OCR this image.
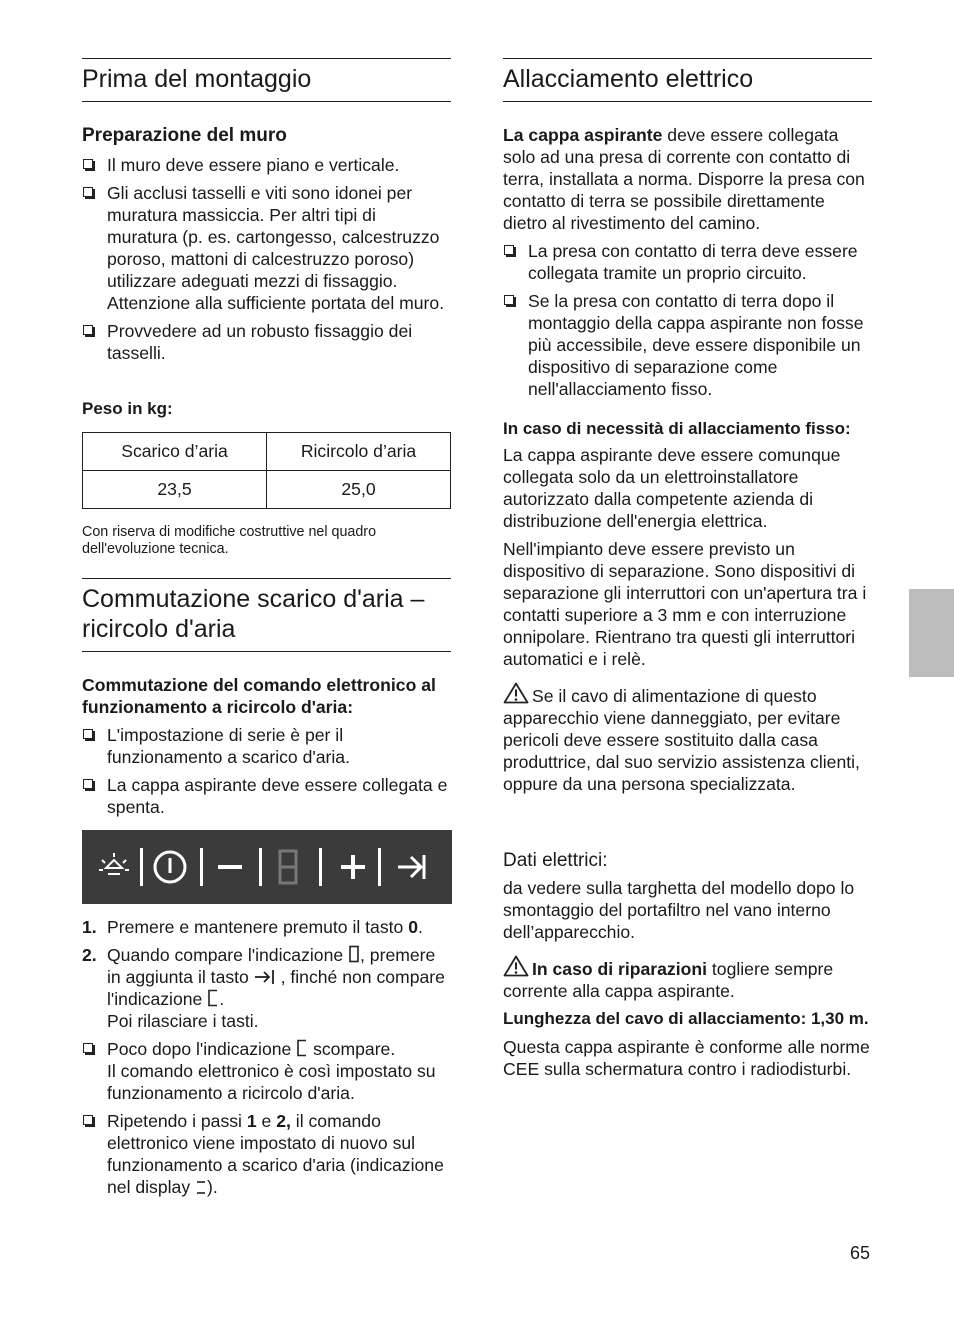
Prima del montaggio
Preparazione del muro
Il muro deve essere piano e verticale.
Gli acclusi tasselli e viti sono idonei per muratura massiccia. Per altri tipi di muratura (p. es. cartongesso, calcestruzzo poroso, mattoni di calcestruzzo poroso) utilizzare adeguati mezzi di fissaggio.
Attenzione alla sufficiente portata del muro.
Provvedere ad un robusto fissaggio dei tasselli.
Peso in kg:
Scarico d’aria	Ricircolo d’aria
23,5	25,0
Con riserva di modifiche costruttive nel quadro dell'evoluzione tecnica.
Commutazione scarico d'aria – ricircolo d'aria
Commutazione del comando elettronico al funzionamento a ricircolo d'aria:
L'impostazione di serie è per il funzionamento a scarico d'aria.
La cappa aspirante deve essere collegata e spenta.
1. Premere e mantenere premuto il tasto 0.
2. Quando compare l'indicazione , premere in aggiunta il tasto  , finché non compare l'indicazione .
Poi rilasciare i tasti.
Poco dopo l'indicazione  scompare.
Il comando elettronico è così impostato su funzionamento a ricircolo d'aria.
Ripetendo i passi 1 e 2, il comando elettronico viene impostato di nuovo sul funzionamento a scarico d'aria (indicazione nel display ).
Allacciamento elettrico

La cappa aspirante deve essere collegata solo ad una presa di corrente con contatto di terra, installata a norma. Disporre la presa con contatto di terra se possibile direttamente dietro al rivestimento del camino.

La presa con contatto di terra deve essere collegata tramite un proprio circuito.
Se la presa con contatto di terra dopo il montaggio della cappa aspirante non fosse più accessibile, deve essere disponibile un dispositivo di separazione come nell'allacciamento fisso.
In caso di necessità di allacciamento fisso:

La cappa aspirante deve essere comunque collegata solo da un elettroinstallatore autorizzato dalla competente azienda di distribuzione dell'energia elettrica.

Nell'impianto deve essere previsto un dispositivo di separazione. Sono dispositivi di separazione gli interruttori con un'apertura tra i contatti superiore a 3 mm e con interruzione onnipolare. Rientrano tra questi gli interruttori automatici e i relè.

Se il cavo di alimentazione di questo apparecchio viene danneggiato, per evitare pericoli deve essere sostituito dalla casa produttrice, dal suo servizio assistenza clienti, oppure da una persona specializzata.

Dati elettrici:

da vedere sulla targhetta del modello dopo lo smontaggio del portafiltro nel vano interno dell’apparecchio.

In caso di riparazioni togliere sempre corrente alla cappa aspirante.

Lunghezza del cavo di allacciamento: 1,30 m.

Questa cappa aspirante è conforme alle norme CEE sulla schermatura contro i radiodisturbi.

65
